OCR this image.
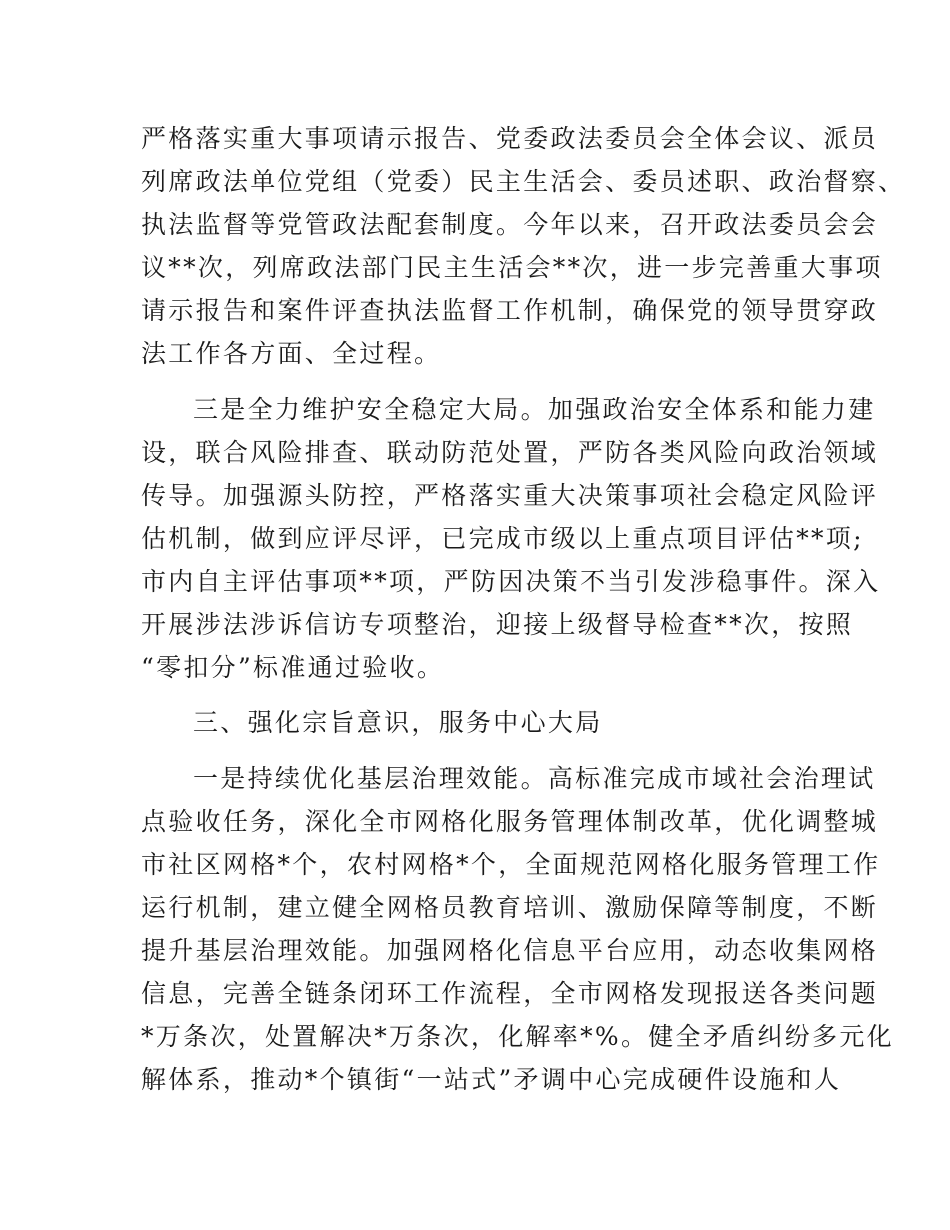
严格落实重大事项请示报告、党委政法委员会全体会议、派员
列席政法单位党组（党委）民主生活会、委员述职、政治督察、
执法监督等党管政法配套制度。今年以来，召开政法委员会会
议**次，列席政法部门民主生活会**次，进一步完善重大事项
请示报告和案件评查执法监督工作机制，确保党的领导贯穿政
法工作各方面、全过程。
三是全力维护安全稳定大局。加强政治安全体系和能力建
设，联合风险排查、联动防范处置，严防各类风险向政治领域
传导。加强源头防控，严格落实重大决策事项社会稳定风险评
估机制，做到应评尽评，已完成市级以上重点项目评估**项;
市内自主评估事项**项，严防因决策不当引发涉稳事件。深入
开展涉法涉诉信访专项整治，迎接上级督导检查**次，按照
“零扣分”标准通过验收。
三、强化宗旨意识，服务中心大局
一是持续优化基层治理效能。高标准完成市域社会治理试
点验收任务，深化全市网格化服务管理体制改革，优化调整城
市社区网格*个，农村网格*个，全面规范网格化服务管理工作
运行机制，建立健全网格员教育培训、激励保障等制度，不断
提升基层治理效能。加强网格化信息平台应用，动态收集网格
信息，完善全链条闭环工作流程，全市网格发现报送各类问题
*万条次，处置解决*万条次，化解率*%。健全矛盾纠纷多元化
解体系，推动*个镇街“一站式”矛调中心完成硬件设施和人
